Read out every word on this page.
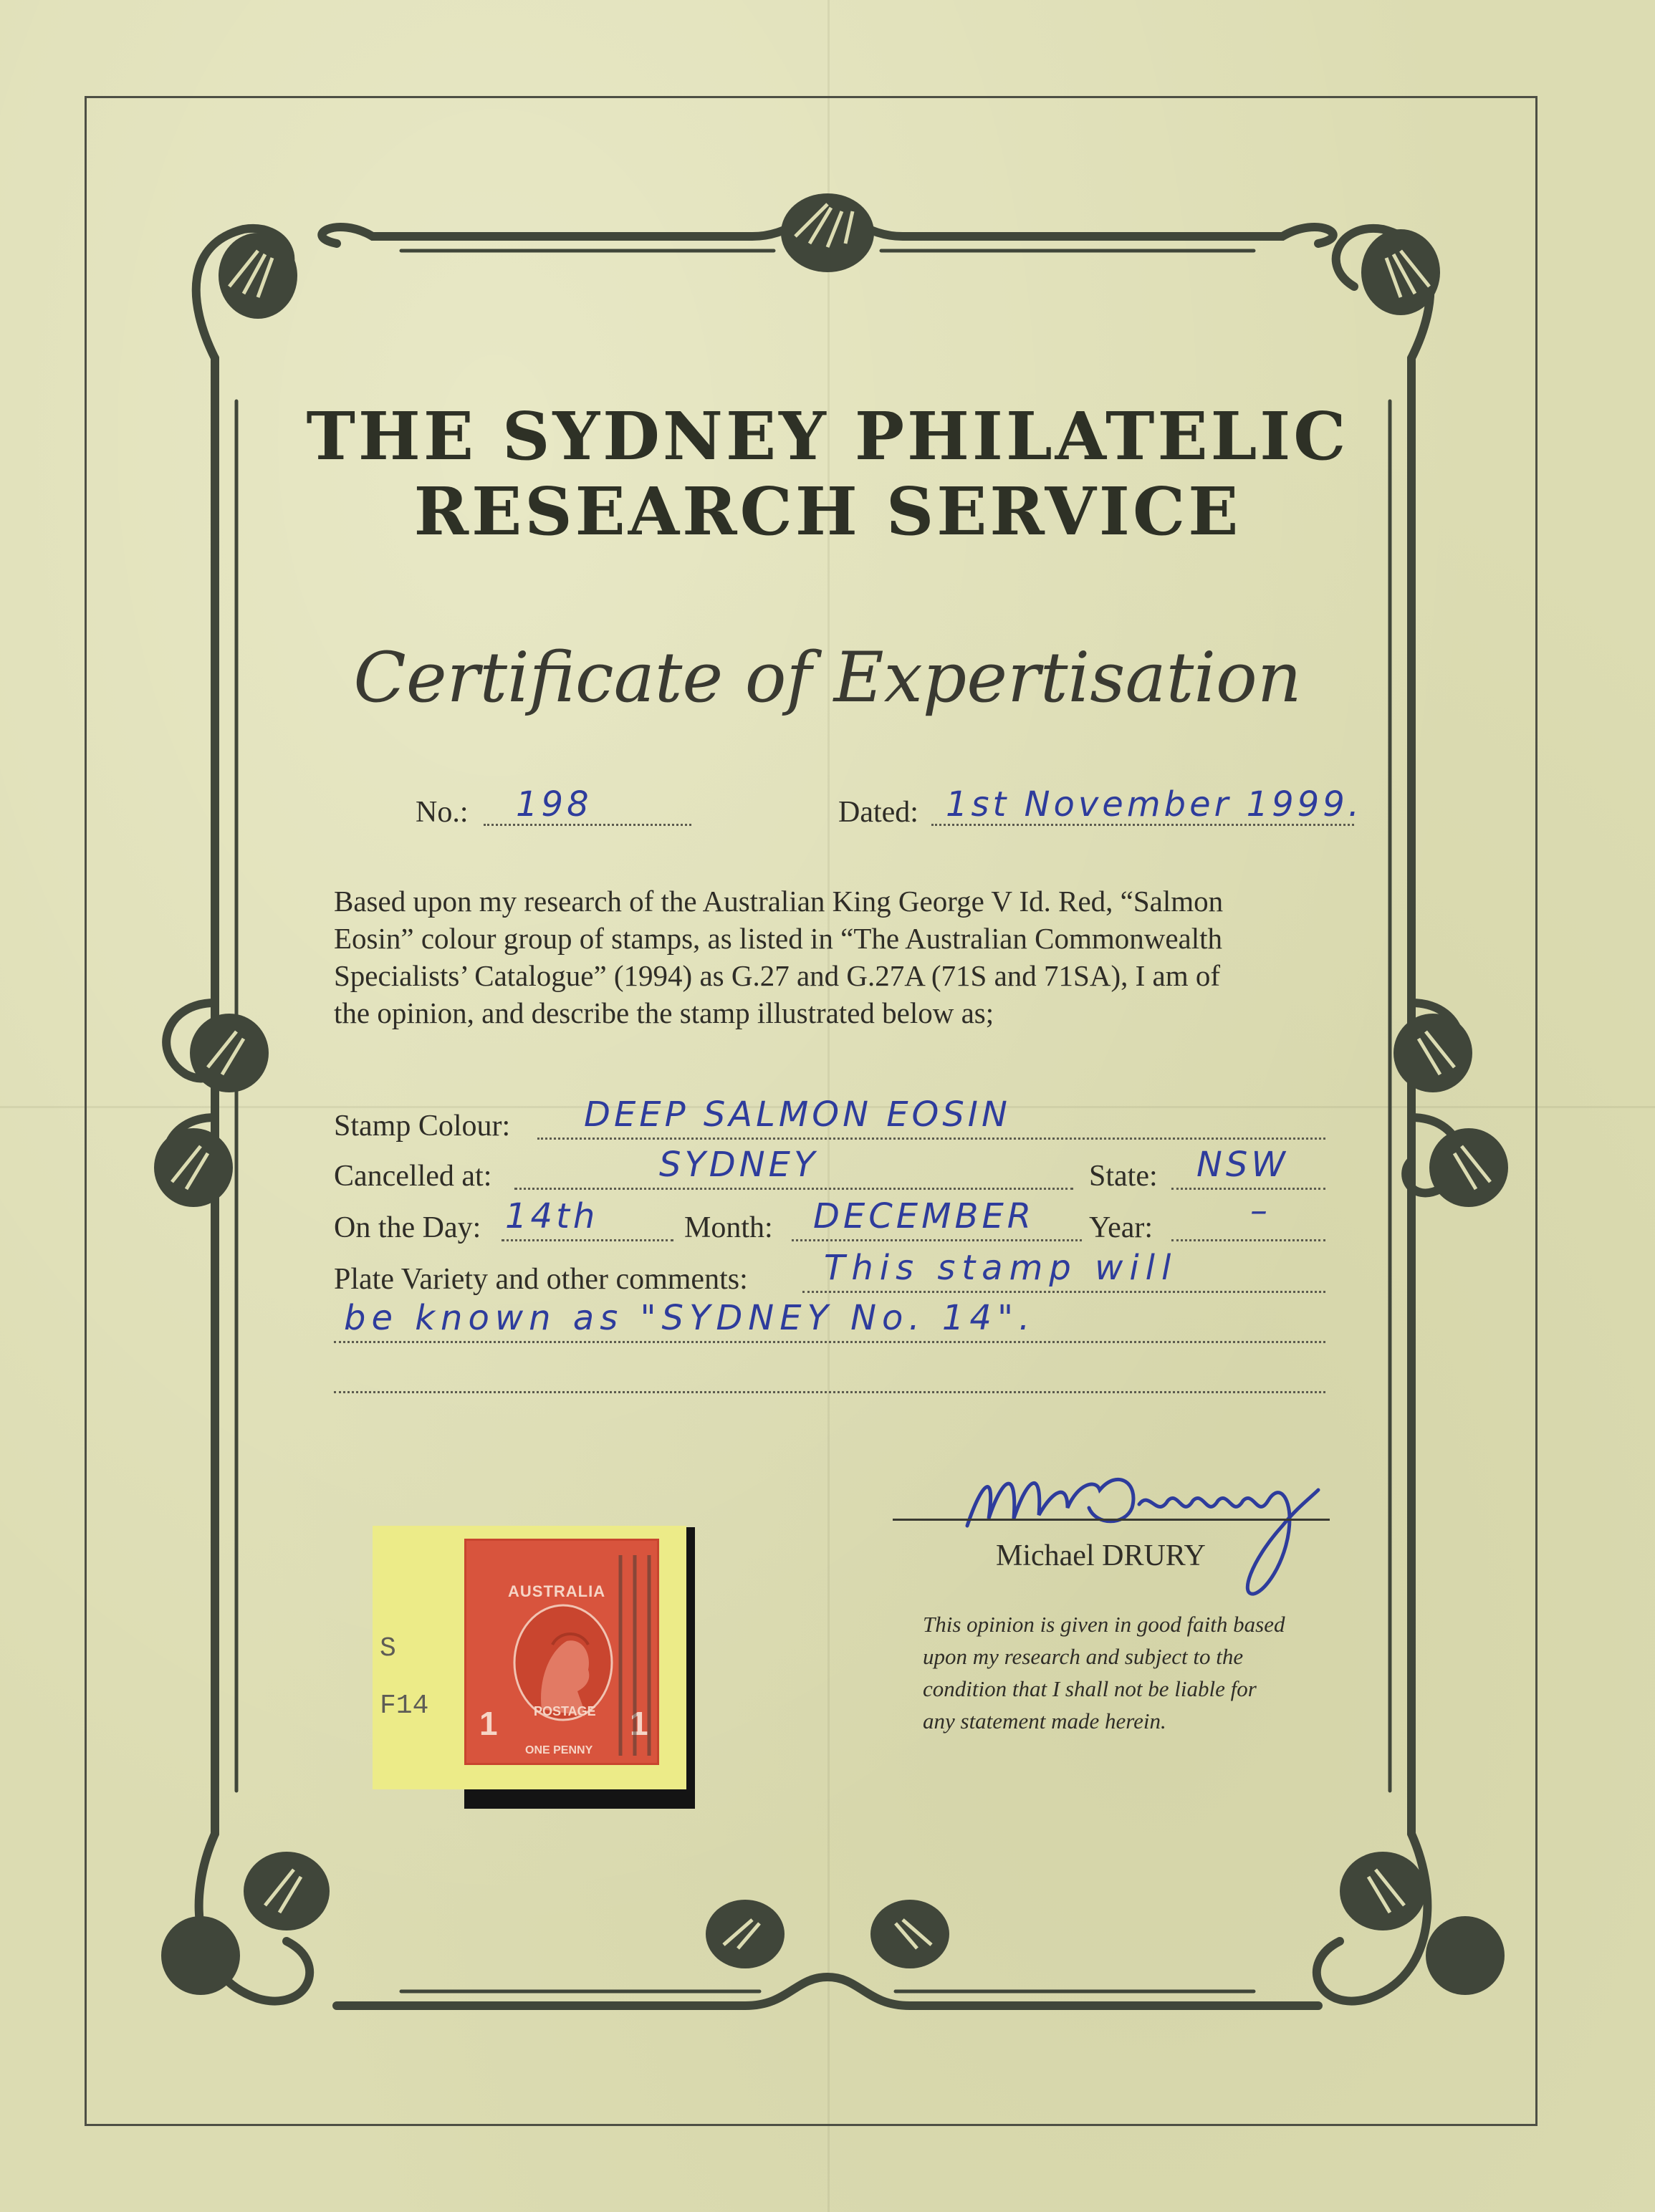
THE SYDNEY PHILATELIC
RESEARCH SERVICE
Certificate of Expertisation
No.: 198	Dated: 1st November 1999.
Based upon my research of the Australian King George V Id. Red, “Salmon
Eosin” colour group of stamps, as listed in “The Australian Commonwealth
Specialists’ Catalogue” (1994) as G.27 and G.27A (71S and 71SA), I am of
the opinion, and describe the stamp illustrated below as;
Stamp Colour: DEEP SALMON EOSIN
Cancelled at:	SYDNEY	State: NSW
On the Day: 14th	Month: DECEMBER Year:	–
Plate Variety and other comments: This stamp will
be known as "SYDNEY No. 14".
Michael DRURY
This opinion is given in good faith based
upon my research and subject to the
condition that I shall not be liable for
any statement made herein.
S
F14
AUSTRALIA
1	1
POSTAGE
ONE PENNY
